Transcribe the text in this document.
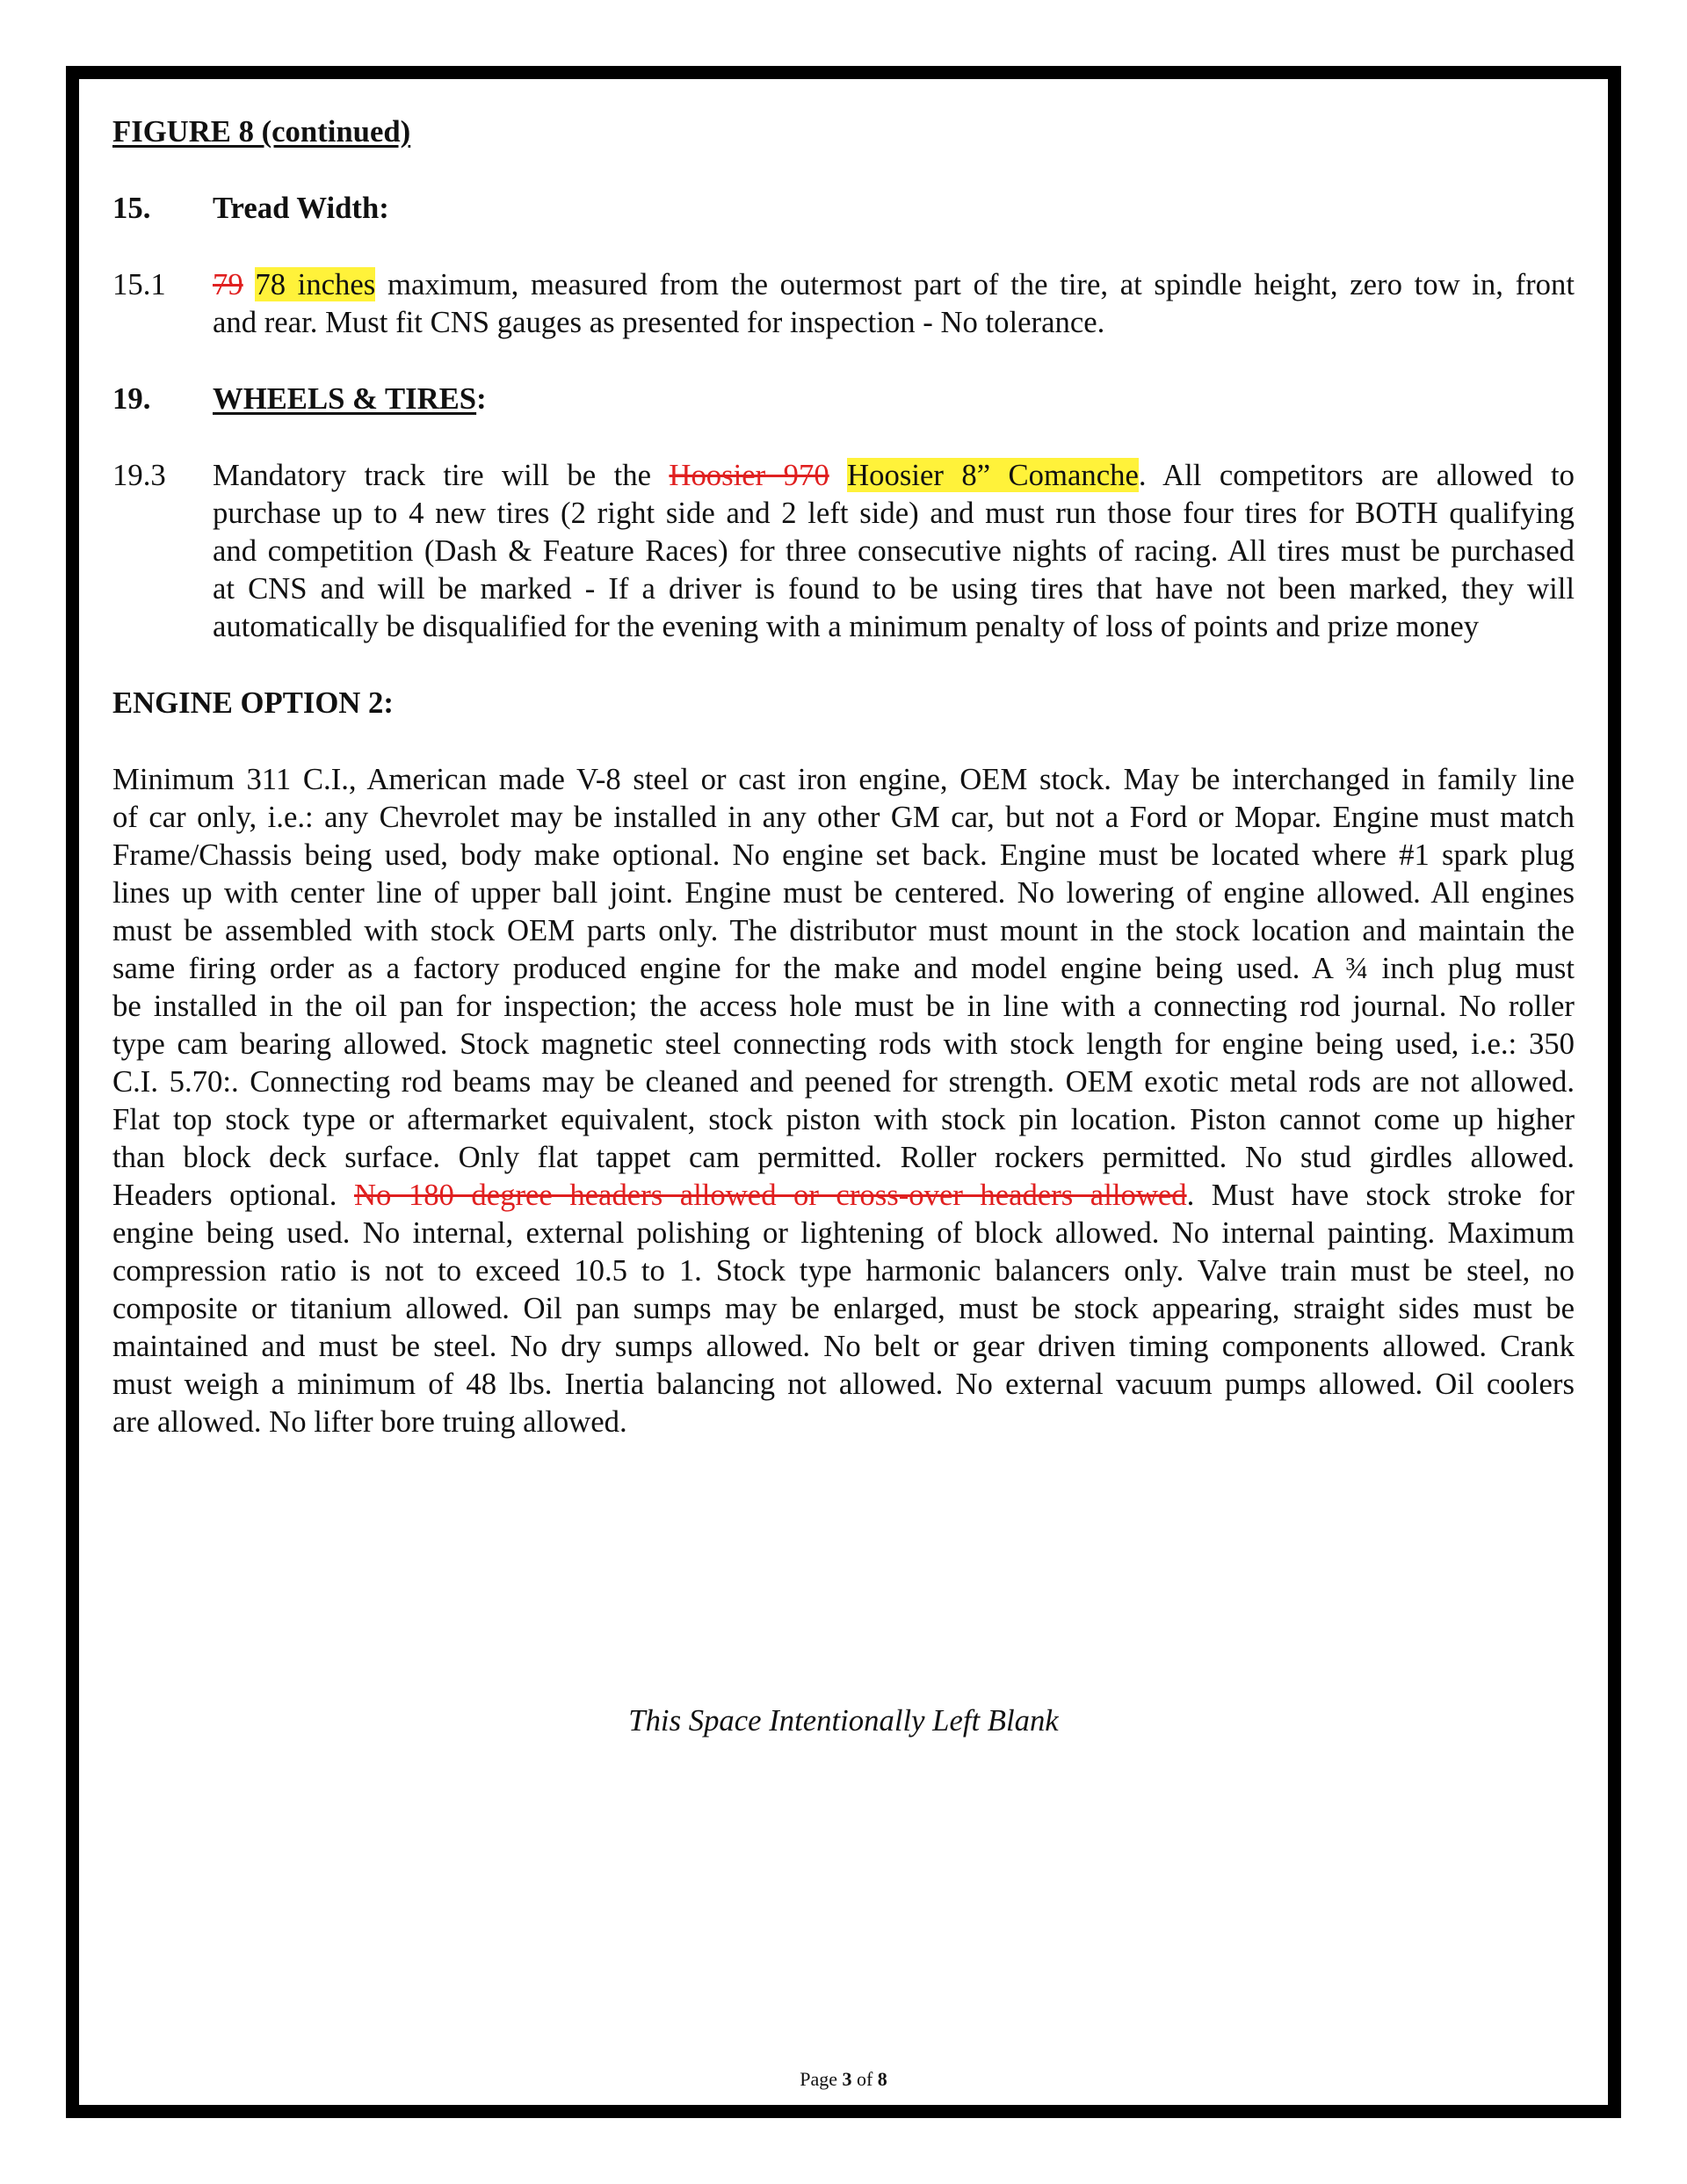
FIGURE 8 (continued)
15. Tread Width:
15.1 79 78 inches maximum, measured from the outermost part of the tire, at spindle height, zero tow in, front
and rear. Must fit CNS gauges as presented for inspection - No tolerance.
19. WHEELS & TIRES:
19.3 Mandatory track tire will be the Hoosier 970 Hoosier 8” Comanche. All competitors are allowed to
purchase up to 4 new tires (2 right side and 2 left side) and must run those four tires for BOTH qualifying
and competition (Dash & Feature Races) for three consecutive nights of racing. All tires must be purchased
at CNS and will be marked - If a driver is found to be using tires that have not been marked, they will
automatically be disqualified for the evening with a minimum penalty of loss of points and prize money
ENGINE OPTION 2:
Minimum 311 C.I., American made V-8 steel or cast iron engine, OEM stock. May be interchanged in family line
of car only, i.e.: any Chevrolet may be installed in any other GM car, but not a Ford or Mopar. Engine must match
Frame/Chassis being used, body make optional. No engine set back. Engine must be located where #1 spark plug
lines up with center line of upper ball joint. Engine must be centered. No lowering of engine allowed. All engines
must be assembled with stock OEM parts only. The distributor must mount in the stock location and maintain the
same firing order as a factory produced engine for the make and model engine being used. A ¾ inch plug must
be installed in the oil pan for inspection; the access hole must be in line with a connecting rod journal. No roller
type cam bearing allowed. Stock magnetic steel connecting rods with stock length for engine being used, i.e.: 350
C.I. 5.70:. Connecting rod beams may be cleaned and peened for strength. OEM exotic metal rods are not allowed.
Flat top stock type or aftermarket equivalent, stock piston with stock pin location. Piston cannot come up higher
than block deck surface. Only flat tappet cam permitted. Roller rockers permitted. No stud girdles allowed.
Headers optional. No 180 degree headers allowed or cross-over headers allowed. Must have stock stroke for
engine being used. No internal, external polishing or lightening of block allowed. No internal painting. Maximum
compression ratio is not to exceed 10.5 to 1. Stock type harmonic balancers only. Valve train must be steel, no
composite or titanium allowed. Oil pan sumps may be enlarged, must be stock appearing, straight sides must be
maintained and must be steel. No dry sumps allowed. No belt or gear driven timing components allowed. Crank
must weigh a minimum of 48 lbs. Inertia balancing not allowed. No external vacuum pumps allowed. Oil coolers
are allowed. No lifter bore truing allowed.
This Space Intentionally Left Blank
Page 3 of 8
